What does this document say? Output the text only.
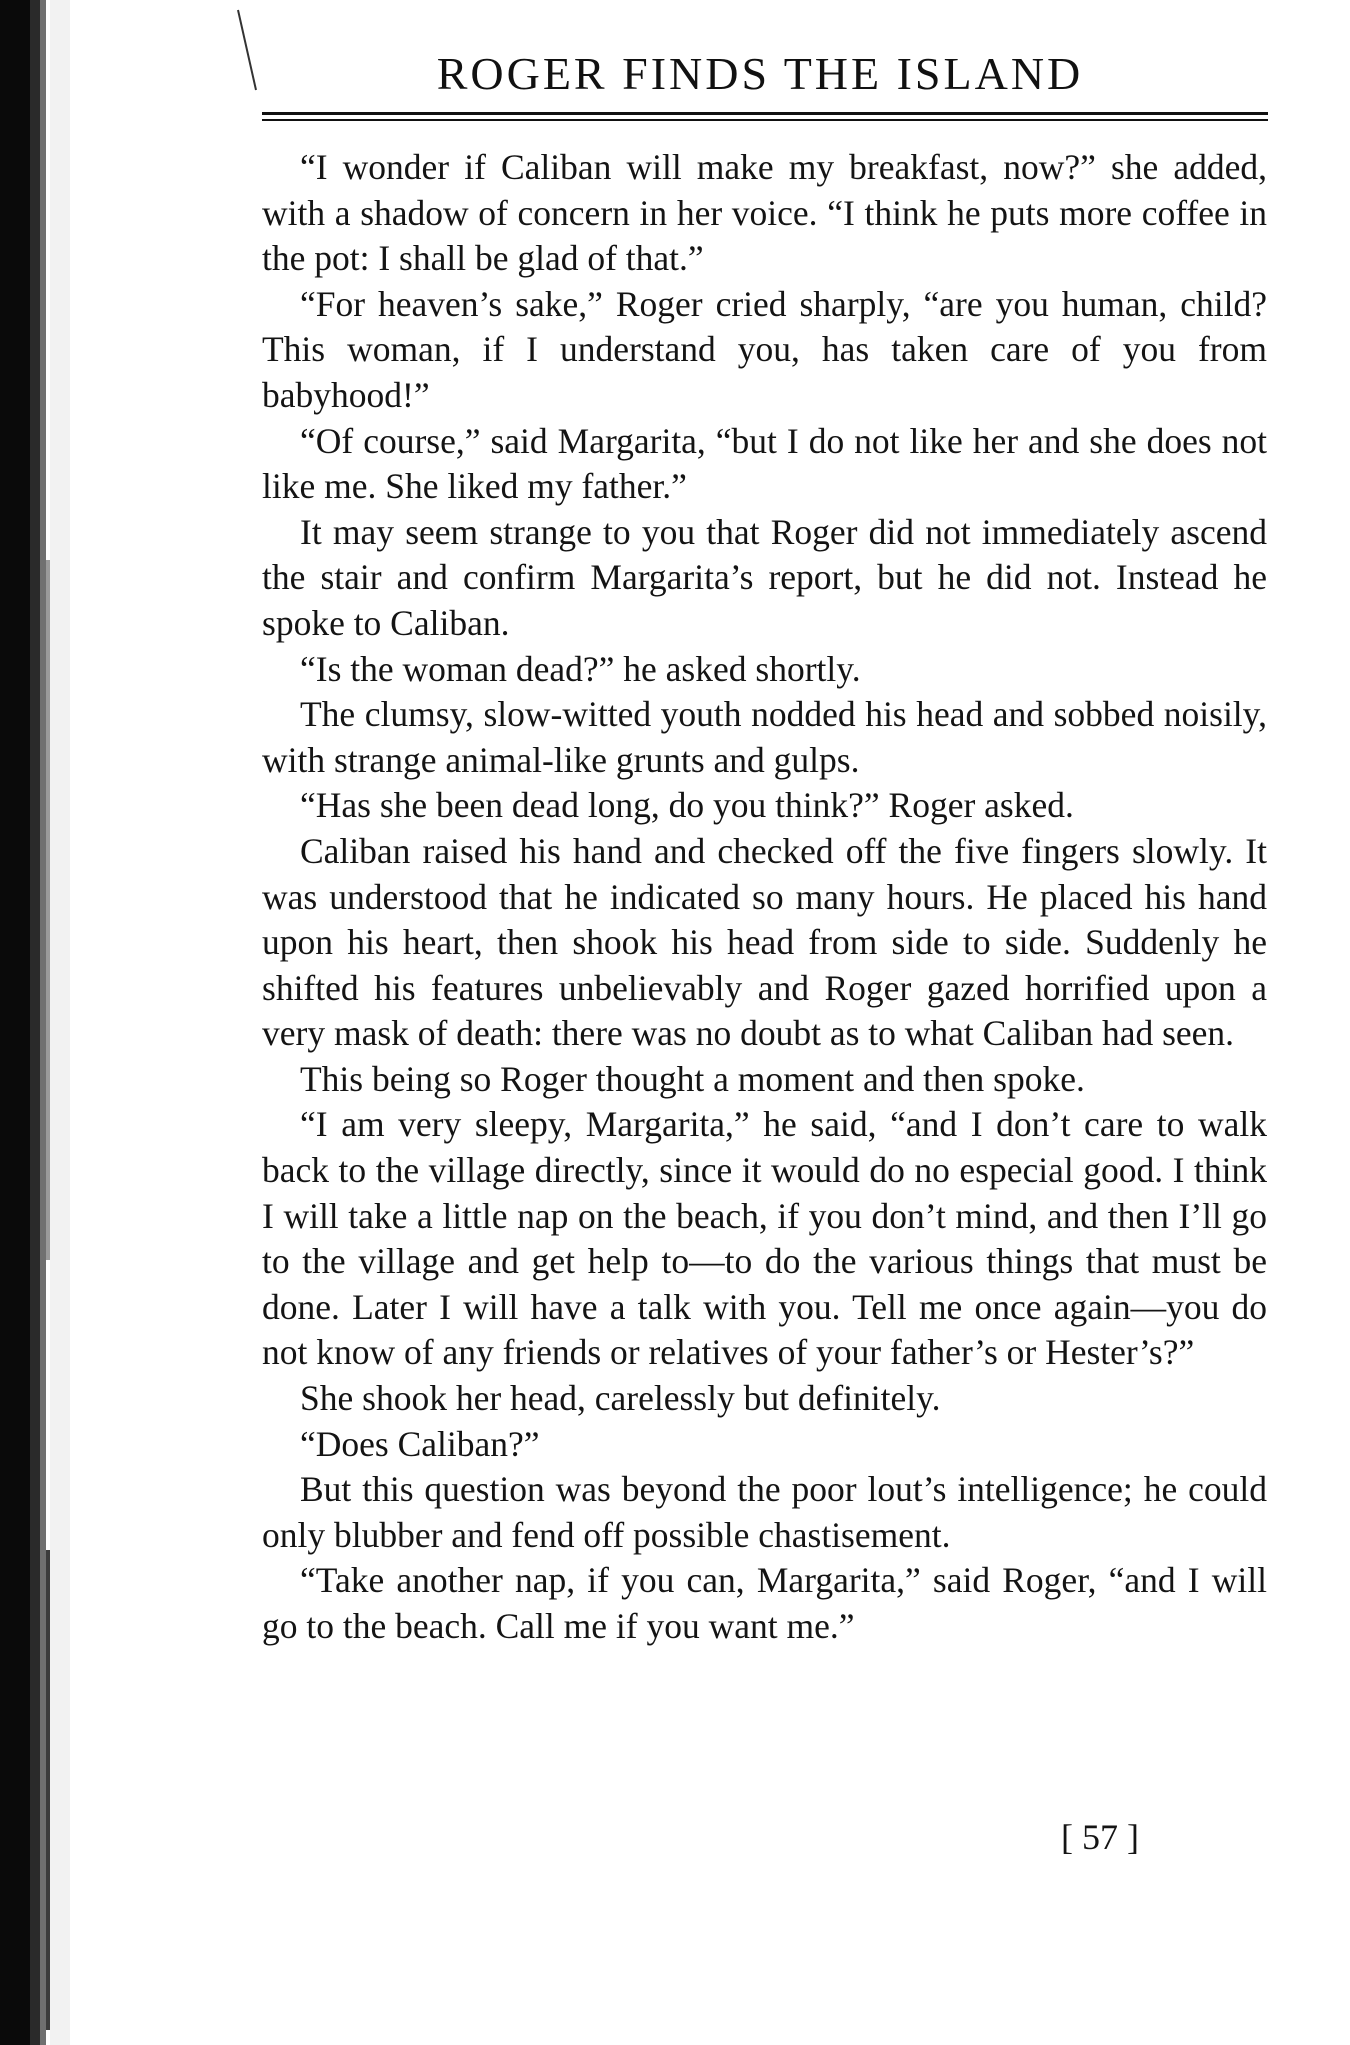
ROGER FINDS THE ISLAND

“I wonder if Caliban will make my breakfast, now?” she added, with a shadow of concern in her voice. “I think he puts more coffee in the pot: I shall be glad of that.”

“For heaven’s sake,” Roger cried sharply, “are you human, child? This woman, if I understand you, has taken care of you from babyhood!”

“Of course,” said Margarita, “but I do not like her and she does not like me. She liked my father.”

It may seem strange to you that Roger did not immediately ascend the stair and confirm Margarita’s report, but he did not. Instead he spoke to Caliban.

“Is the woman dead?” he asked shortly.

The clumsy, slow-witted youth nodded his head and sobbed noisily, with strange animal-like grunts and gulps.

“Has she been dead long, do you think?” Roger asked.

Caliban raised his hand and checked off the five fingers slowly. It was understood that he indicated so many hours. He placed his hand upon his heart, then shook his head from side to side. Suddenly he shifted his features unbelievably and Roger gazed horrified upon a very mask of death: there was no doubt as to what Caliban had seen.

This being so Roger thought a moment and then spoke.

“I am very sleepy, Margarita,” he said, “and I don’t care to walk back to the village directly, since it would do no especial good. I think I will take a little nap on the beach, if you don’t mind, and then I’ll go to the village and get help to—to do the various things that must be done. Later I will have a talk with you. Tell me once again—you do not know of any friends or relatives of your father’s or Hester’s?”

She shook her head, carelessly but definitely.

“Does Caliban?”

But this question was beyond the poor lout’s intelligence; he could only blubber and fend off possible chastisement.

“Take another nap, if you can, Margarita,” said Roger, “and I will go to the beach. Call me if you want me.”

[ 57 ]
